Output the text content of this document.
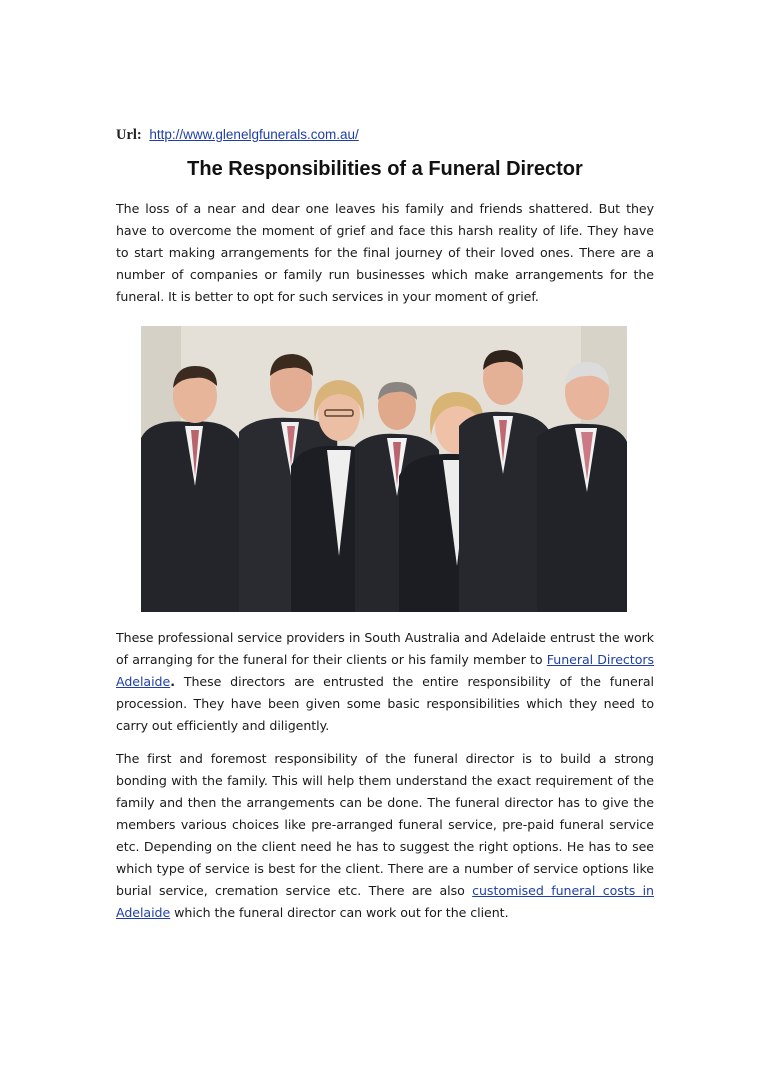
Url: http://www.glenelgfunerals.com.au/
The Responsibilities of a Funeral Director

The loss of a near and dear one leaves his family and friends shattered. But they have to overcome the moment of grief and face this harsh reality of life. They have to start making arrangements for the final journey of their loved ones. There are a number of companies or family run businesses which make arrangements for the funeral. It is better to opt for such services in your moment of grief.

These professional service providers in South Australia and Adelaide entrust the work of arranging for the funeral for their clients or his family member to Funeral Directors Adelaide. These directors are entrusted the entire responsibility of the funeral procession. They have been given some basic responsibilities which they need to carry out efficiently and diligently.

The first and foremost responsibility of the funeral director is to build a strong bonding with the family. This will help them understand the exact requirement of the family and then the arrangements can be done. The funeral director has to give the members various choices like pre-arranged funeral service, pre-paid funeral service etc. Depending on the client need he has to suggest the right options. He has to see which type of service is best for the client. There are a number of service options like burial service, cremation service etc. There are also customised funeral costs in Adelaide which the funeral director can work out for the client.
